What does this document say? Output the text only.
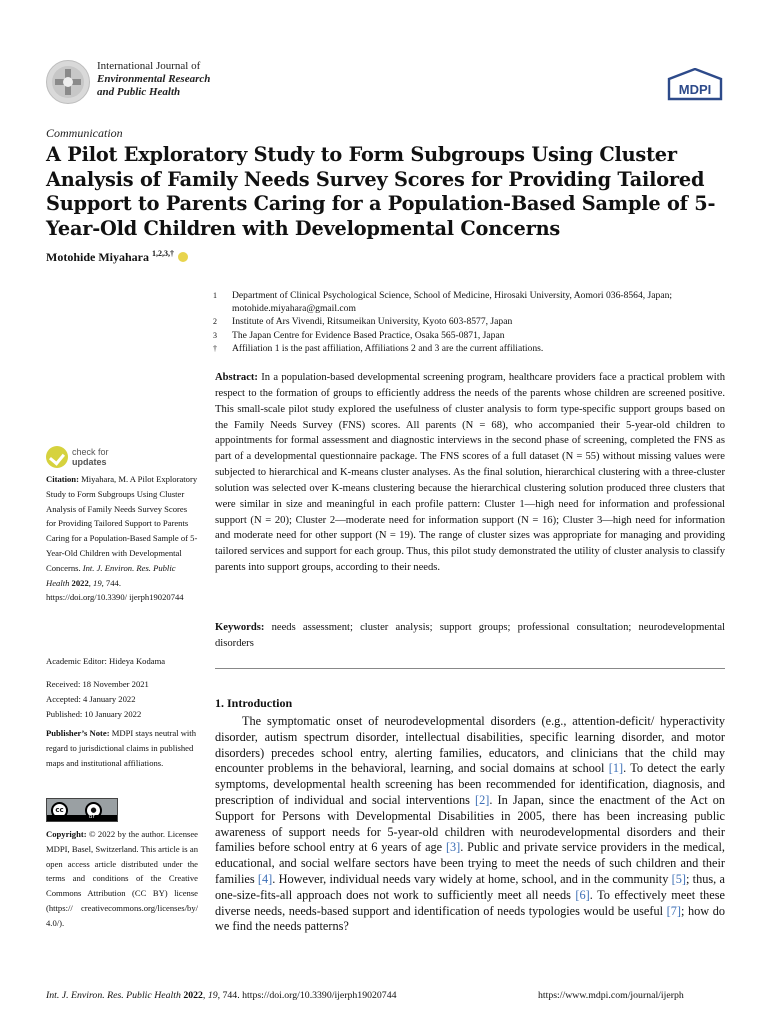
International Journal of
Environmental Research
and Public Health	MDPI
Communication
A Pilot Exploratory Study to Form Subgroups Using Cluster Analysis of Family Needs Survey Scores for Providing Tailored Support to Parents Caring for a Population-Based Sample of 5-Year-Old Children with Developmental Concerns
Motohide Miyahara $^{1,2,3,\dagger}$
1	Department of Clinical Psychological Science, School of Medicine, Hirosaki University, Aomori 036-8564, Japan; motohide.miyahara@gmail.com
2	Institute of Ars Vivendi, Ritsumeikan University, Kyoto 603-8577, Japan
3	The Japan Centre for Evidence Based Practice, Osaka 565-0871, Japan
†	Affiliation 1 is the past affiliation, Affiliations 2 and 3 are the current affiliations.
Abstract: In a population-based developmental screening program, healthcare providers face a practical problem with respect to the formation of groups to efficiently address the needs of the parents whose children are screened positive. This small-scale pilot study explored the usefulness of cluster analysis to form type-specific support groups based on the Family Needs Survey (FNS) scores. All parents (N = 68), who accompanied their 5-year-old children to appointments for formal assessment and diagnostic interviews in the second phase of screening, completed the FNS as part of a developmental questionnaire package. The FNS scores of a full dataset (N = 55) without missing values were subjected to hierarchical and K-means cluster analyses. As the final solution, hierarchical clustering with a three-cluster solution was selected over K-means clustering because the hierarchical clustering solution produced three clusters that were similar in size and meaningful in each profile pattern: Cluster 1—high need for information and professional support (N = 20); Cluster 2—moderate need for information support (N = 16); Cluster 3—high need for information and moderate need for other support (N = 19). The range of cluster sizes was appropriate for managing and providing tailored services and support for each group. Thus, this pilot study demonstrated the utility of cluster analysis to classify parents into support groups, according to their needs.
Keywords: needs assessment; cluster analysis; support groups; professional consultation; neurodevelopmental disorders
1. Introduction
The symptomatic onset of neurodevelopmental disorders (e.g., attention-deficit/ hyperactivity disorder, autism spectrum disorder, intellectual disabilities, specific learning disorder, and motor disorders) precedes school entry, alerting families, educators, and clinicians that the child may encounter problems in the behavioral, learning, and social domains at school [1]. To detect the early symptoms, developmental health screening has been recommended for identification, diagnosis, and prescription of individual and social interventions [2]. In Japan, since the enactment of the Act on Support for Persons with Developmental Disabilities in 2005, there has been increasing public awareness of support needs for 5-year-old children with neurodevelopmental disorders and their families before school entry at 6 years of age [3]. Public and private service providers in the medical, educational, and social welfare sectors have been trying to meet the needs of such children and their families [4]. However, individual needs vary widely at home, school, and in the community [5]; thus, a one-size-fits-all approach does not work to sufficiently meet all needs [6]. To effectively meet these diverse needs, needs-based support and identification of needs typologies would be useful [7]; how do we find the needs patterns?
check for
updates
Citation: Miyahara, M. A Pilot Exploratory Study to Form Subgroups Using Cluster Analysis of Family Needs Survey Scores for Providing Tailored Support to Parents Caring for a Population-Based Sample of 5-Year-Old Children with Developmental Concerns. Int. J. Environ. Res. Public Health 2022, 19, 744. https://doi.org/10.3390/ ijerph19020744
Academic Editor: Hideya Kodama
Received: 18 November 2021
Accepted: 4 January 2022
Published: 10 January 2022
Publisher’s Note: MDPI stays neutral with regard to jurisdictional claims in published maps and institutional affiliations.
cc	●
BY
Copyright: © 2022 by the author. Licensee MDPI, Basel, Switzerland. This article is an open access article distributed under the terms and conditions of the Creative Commons Attribution (CC BY) license (https:// creativecommons.org/licenses/by/ 4.0/).
Int. J. Environ. Res. Public Health 2022, 19, 744. https://doi.org/10.3390/ijerph19020744	https://www.mdpi.com/journal/ijerph
